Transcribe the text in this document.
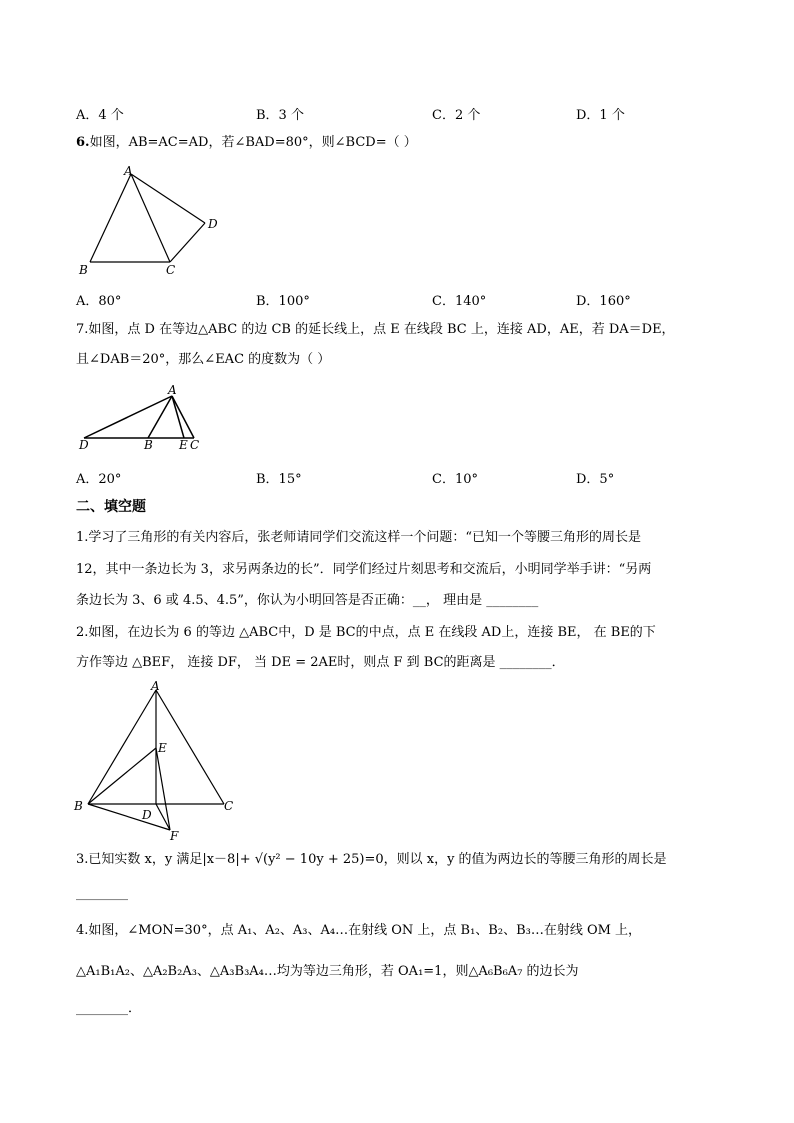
A．4 个	B．3 个	C．2 个	D．1 个
6.如图，AB=AC=AD，若∠BAD=80°，则∠BCD=（ ）
A
B	C
D
A．80°	B．100°	C．140°	D．160°
7.如图，点 D 在等边△ABC 的边 CB 的延长线上，点 E 在线段 BC 上，连接 AD，AE，若 DA＝DE，
且∠DAB＝20°，那么∠EAC 的度数为（ ）
A
D	B E C
A．20°	B．15°	C．10°	D．5°
二、填空题
1.学习了三角形的有关内容后，张老师请同学们交流这样一个问题：“已知一个等腰三角形的周长是
12，其中一条边长为 3，求另两条边的长”．同学们经过片刻思考和交流后，小明同学举手讲：“另两
条边长为 3、6 或 4.5、4.5”，你认为小明回答是否正确：__， 理由是 ________
2.如图，在边长为 6 的等边 △ABC中，D 是 BC的中点，点 E 在线段 AD上，连接 BE， 在 BE的下
方作等边 △BEF， 连接 DF， 当 DE = 2AE时，则点 F 到 BC的距离是 ________．
A
E
B	C
D
F
3.已知实数 x，y 满足|x－8|+ √(y² − 10y + 25)=0，则以 x，y 的值为两边长的等腰三角形的周长是
________
4.如图，∠MON=30°，点 A₁、A₂、A₃、A₄…在射线 ON 上，点 B₁、B₂、B₃…在射线 OM 上，
△A₁B₁A₂、△A₂B₂A₃、△A₃B₃A₄…均为等边三角形，若 OA₁=1，则△A₆B₆A₇ 的边长为
________．
